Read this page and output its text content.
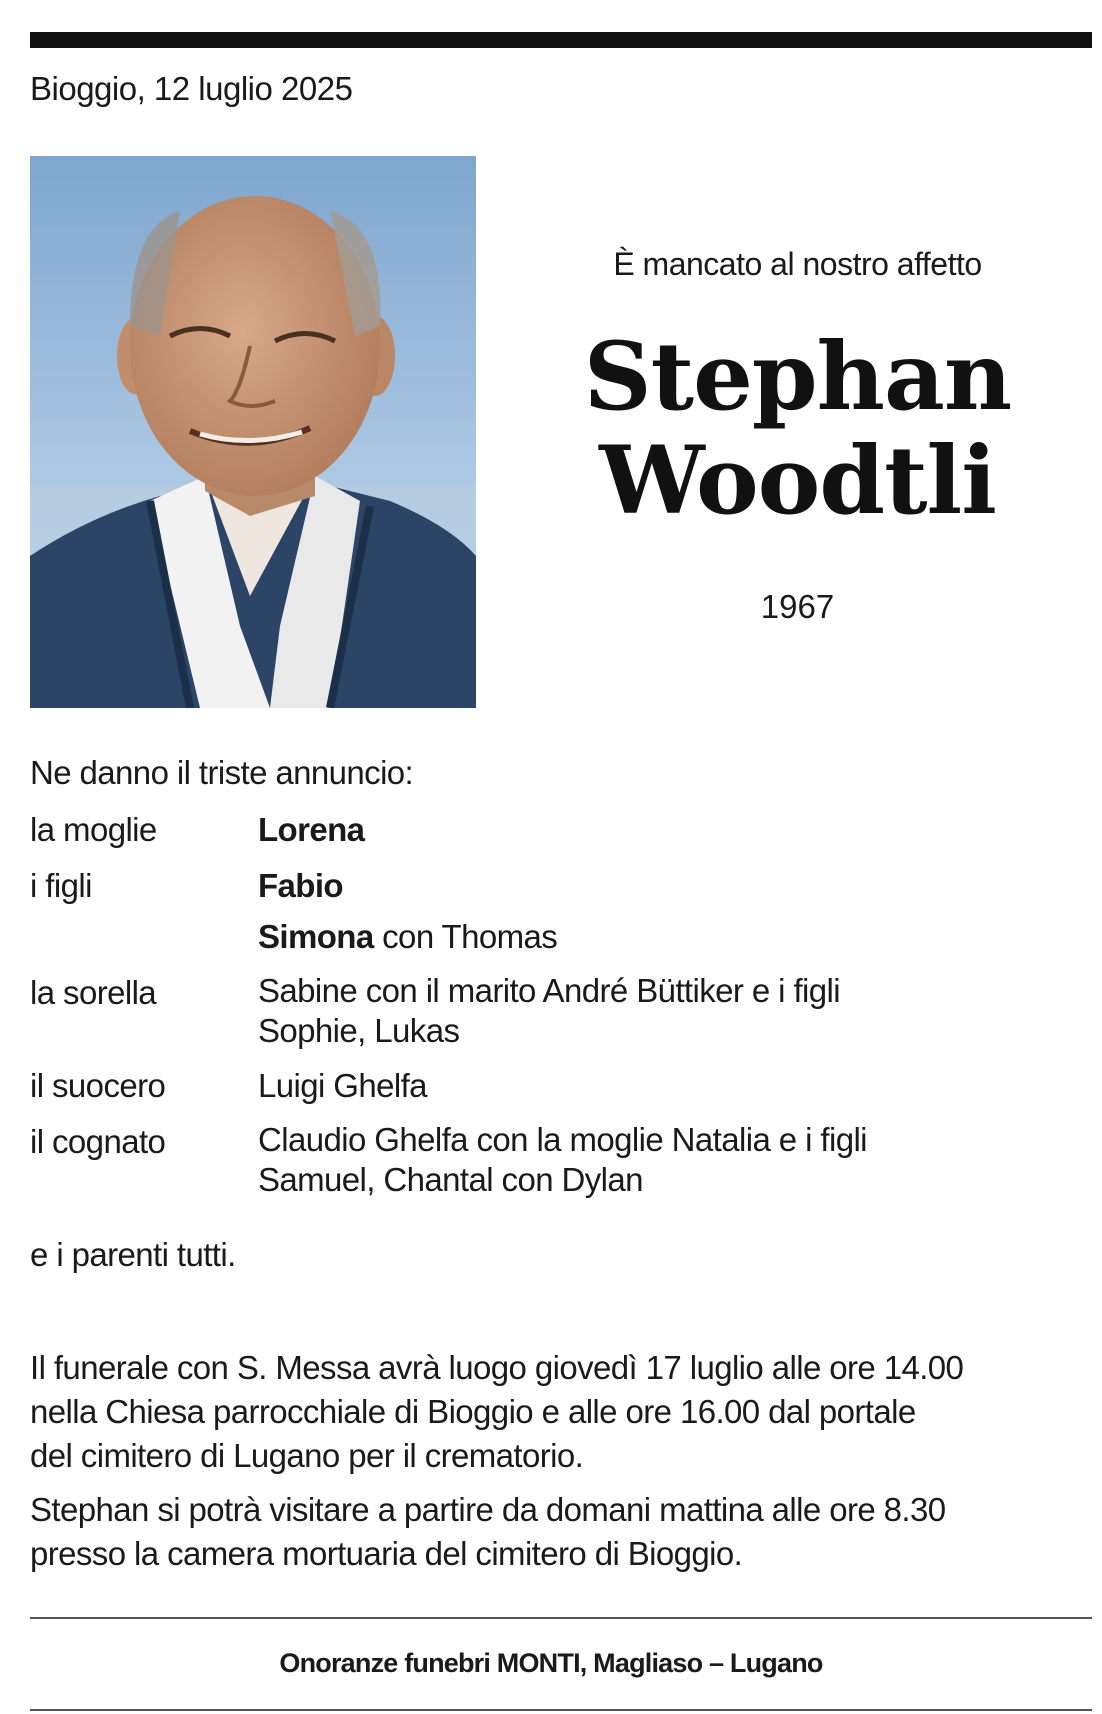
Bioggio, 12 luglio 2025
È mancato al nostro affetto
Stephan
Woodtli
1967
Ne danno il triste annuncio:
la moglie	Lorena
i figli	Fabio
Simona con Thomas
la sorella	Sabine con il marito André Büttiker e i figli
Sophie, Lukas
il suocero	Luigi Ghelfa
il cognato	Claudio Ghelfa con la moglie Natalia e i figli
Samuel, Chantal con Dylan
e i parenti tutti.

Il funerale con S. Messa avrà luogo giovedì 17 luglio alle ore 14.00
nella Chiesa parrocchiale di Bioggio e alle ore 16.00 dal portale
del cimitero di Lugano per il crematorio.

Stephan si potrà visitare a partire da domani mattina alle ore 8.30
presso la camera mortuaria del cimitero di Bioggio.

Onoranze funebri MONTI, Magliaso – Lugano
